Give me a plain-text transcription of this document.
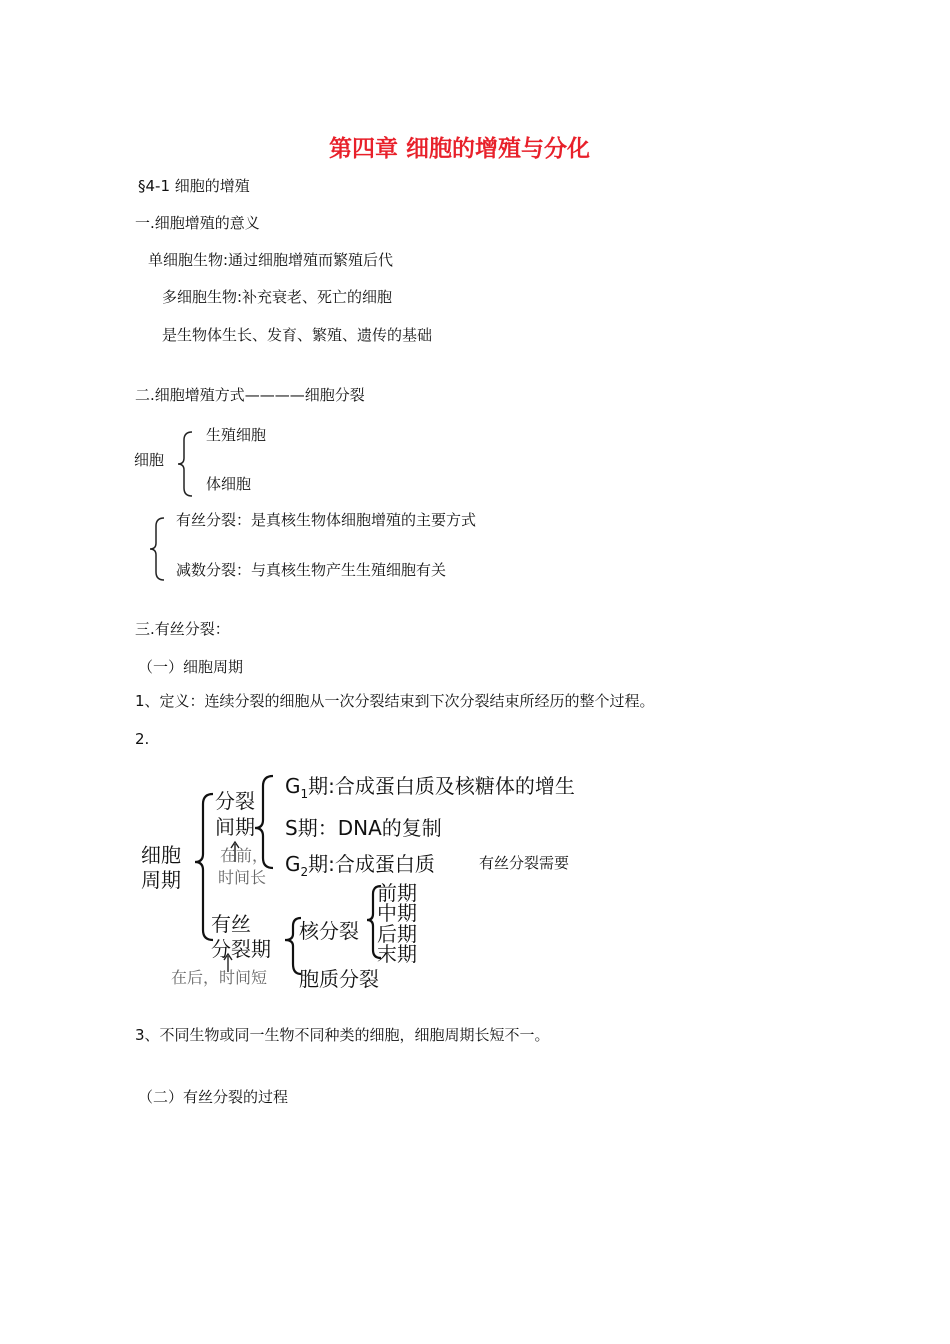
第四章 细胞的增殖与分化
§4-1 细胞的增殖
一.细胞增殖的意义
单细胞生物:通过细胞增殖而繁殖后代
多细胞生物:补充衰老、死亡的细胞
是生物体生长、发育、繁殖、遗传的基础
二.细胞增殖方式————细胞分裂
细胞
生殖细胞
体细胞
有丝分裂：是真核生物体细胞增殖的主要方式
减数分裂：与真核生物产生生殖细胞有关
三.有丝分裂：
（一）细胞周期
1、定义：连续分裂的细胞从一次分裂结束到下次分裂结束所经历的整个过程。
2.
细胞
周期
分裂
间期
在前，
时间长
$G_1$期:合成蛋白质及核糖体的增生
S期：DNA的复制
$G_2$期:合成蛋白质	有丝分裂需要
有丝
分裂期
在后，时间短
核分裂
胞质分裂
前期
中期
后期
末期
3、不同生物或同一生物不同种类的细胞，细胞周期长短不一。
（二）有丝分裂的过程
